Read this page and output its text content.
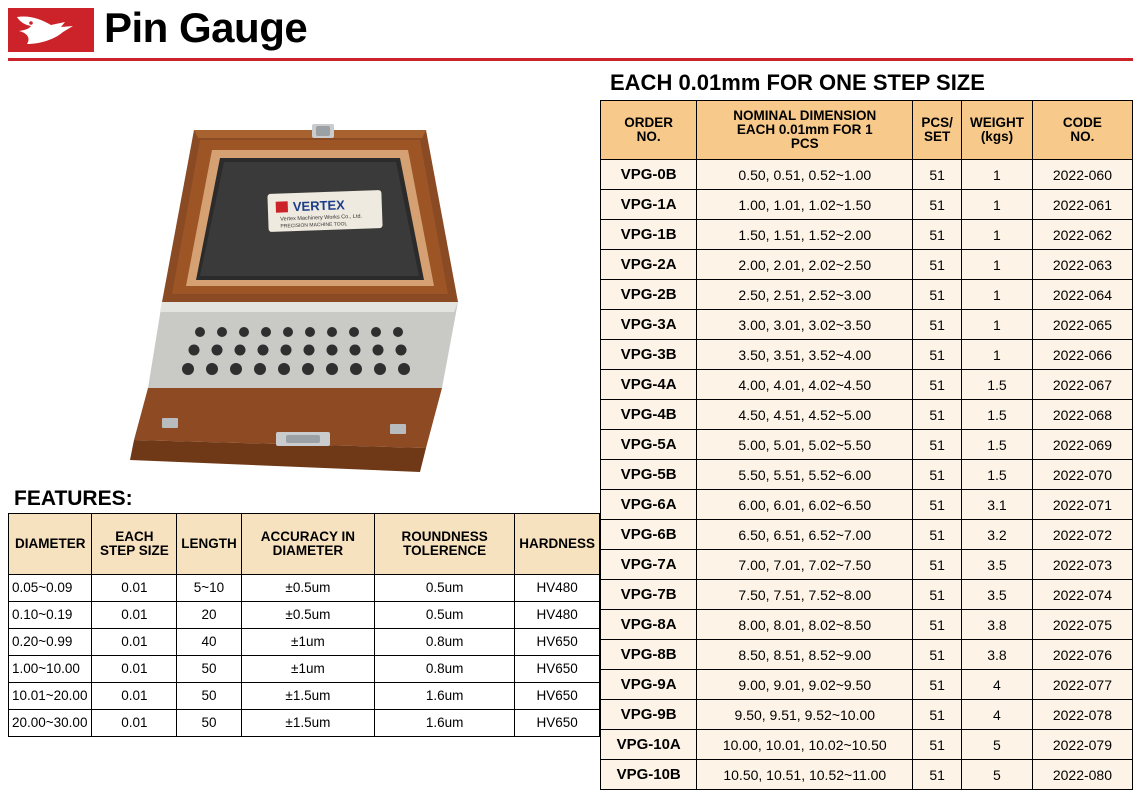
Pin Gauge
VERTEX
Vertex Machinery Works Co., Ltd.
PRECISION MACHINE TOOL
FEATURES:
DIAMETER	EACH STEP SIZE	LENGTH	ACCURACY IN DIAMETER	ROUNDNESS TOLERENCE	HARDNESS
0.05~0.09	0.01	5~10	±0.5um	0.5um	HV480
0.10~0.19	0.01	20	±0.5um	0.5um	HV480
0.20~0.99	0.01	40	±1um	0.8um	HV650
1.00~10.00	0.01	50	±1um	0.8um	HV650
10.01~20.00	0.01	50	±1.5um	1.6um	HV650
20.00~30.00	0.01	50	±1.5um	1.6um	HV650
EACH 0.01mm FOR ONE STEP SIZE
ORDER
NO.

NOMINAL DIMENSION
EACH 0.01mm FOR 1
PCS

PCS/
SET

WEIGHT
(kgs)

CODE
NO.

VPG-0B	0.50, 0.51, 0.52~1.00	51	1	2022-060
VPG-1A	1.00, 1.01, 1.02~1.50	51	1	2022-061
VPG-1B	1.50, 1.51, 1.52~2.00	51	1	2022-062
VPG-2A	2.00, 2.01, 2.02~2.50	51	1	2022-063
VPG-2B	2.50, 2.51, 2.52~3.00	51	1	2022-064
VPG-3A	3.00, 3.01, 3.02~3.50	51	1	2022-065
VPG-3B	3.50, 3.51, 3.52~4.00	51	1	2022-066
VPG-4A	4.00, 4.01, 4.02~4.50	51	1.5	2022-067
VPG-4B	4.50, 4.51, 4.52~5.00	51	1.5	2022-068
VPG-5A	5.00, 5.01, 5.02~5.50	51	1.5	2022-069
VPG-5B	5.50, 5.51, 5.52~6.00	51	1.5	2022-070
VPG-6A	6.00, 6.01, 6.02~6.50	51	3.1	2022-071
VPG-6B	6.50, 6.51, 6.52~7.00	51	3.2	2022-072
VPG-7A	7.00, 7.01, 7.02~7.50	51	3.5	2022-073
VPG-7B	7.50, 7.51, 7.52~8.00	51	3.5	2022-074
VPG-8A	8.00, 8.01, 8.02~8.50	51	3.8	2022-075
VPG-8B	8.50, 8.51, 8.52~9.00	51	3.8	2022-076
VPG-9A	9.00, 9.01, 9.02~9.50	51	4	2022-077
VPG-9B	9.50, 9.51, 9.52~10.00	51	4	2022-078
VPG-10A	10.00, 10.01, 10.02~10.50	51	5	2022-079
VPG-10B	10.50, 10.51, 10.52~11.00	51	5	2022-080
